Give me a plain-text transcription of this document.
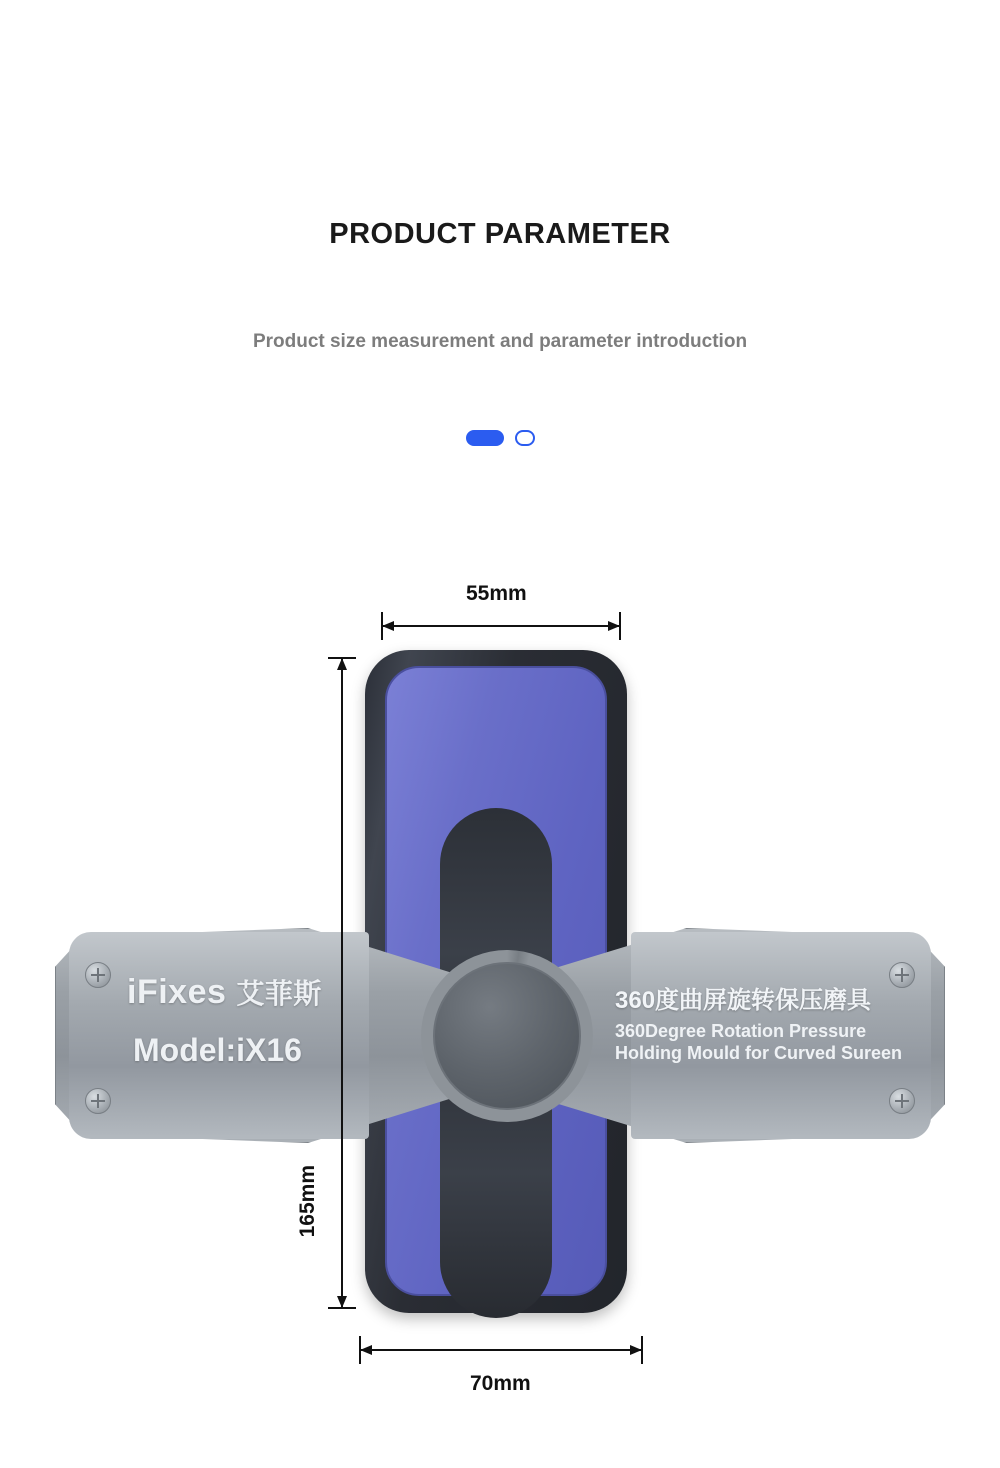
PRODUCT PARAMETER
Product size measurement and parameter introduction
iFixes 艾菲斯
Model:iX16
360度曲屏旋转保压磨具
360Degree Rotation Pressure
Holding Mould for Curved Sureen
55mm
165mm
70mm
